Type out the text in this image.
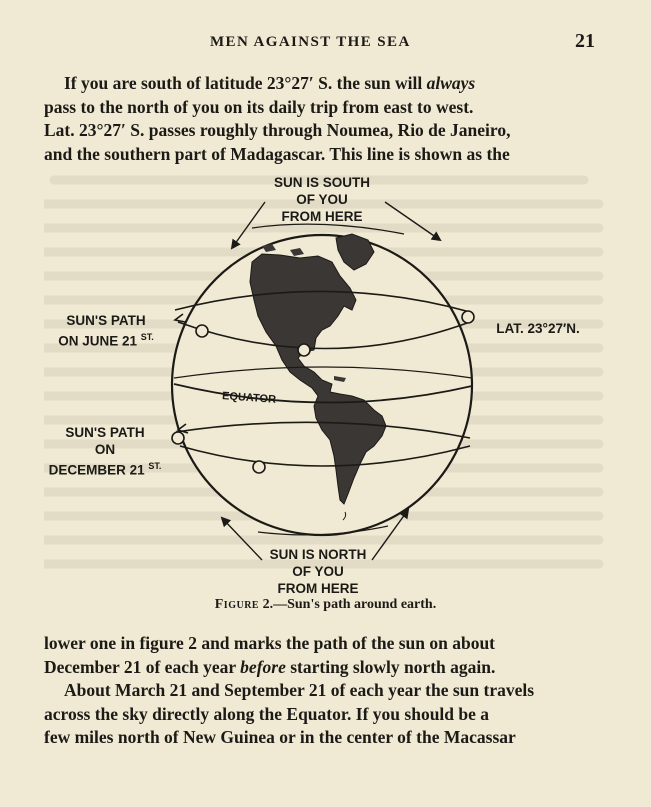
MEN AGAINST THE SEA	21

If you are south of latitude 23°27′ S. the sun will always
pass to the north of you on its daily trip from east to west.
Lat. 23°27′ S. passes roughly through Noumea, Rio de Janeiro,
and the southern part of Madagascar. This line is shown as the

SUN IS SOUTH
OF YOU
FROM HERE
SUN'S PATH
ON JUNE 21 $^{ST.}$
LAT. 23°27′N.
EQUATOR
SUN'S PATH
ON
DECEMBER 21 $^{ST.}$
SUN IS NORTH
OF YOU
FROM HERE
Figure 2.—Sun's path around earth.

lower one in figure 2 and marks the path of the sun on about
December 21 of each year before starting slowly north again.
About March 21 and September 21 of each year the sun travels
across the sky directly along the Equator. If you should be a
few miles north of New Guinea or in the center of the Macassar
